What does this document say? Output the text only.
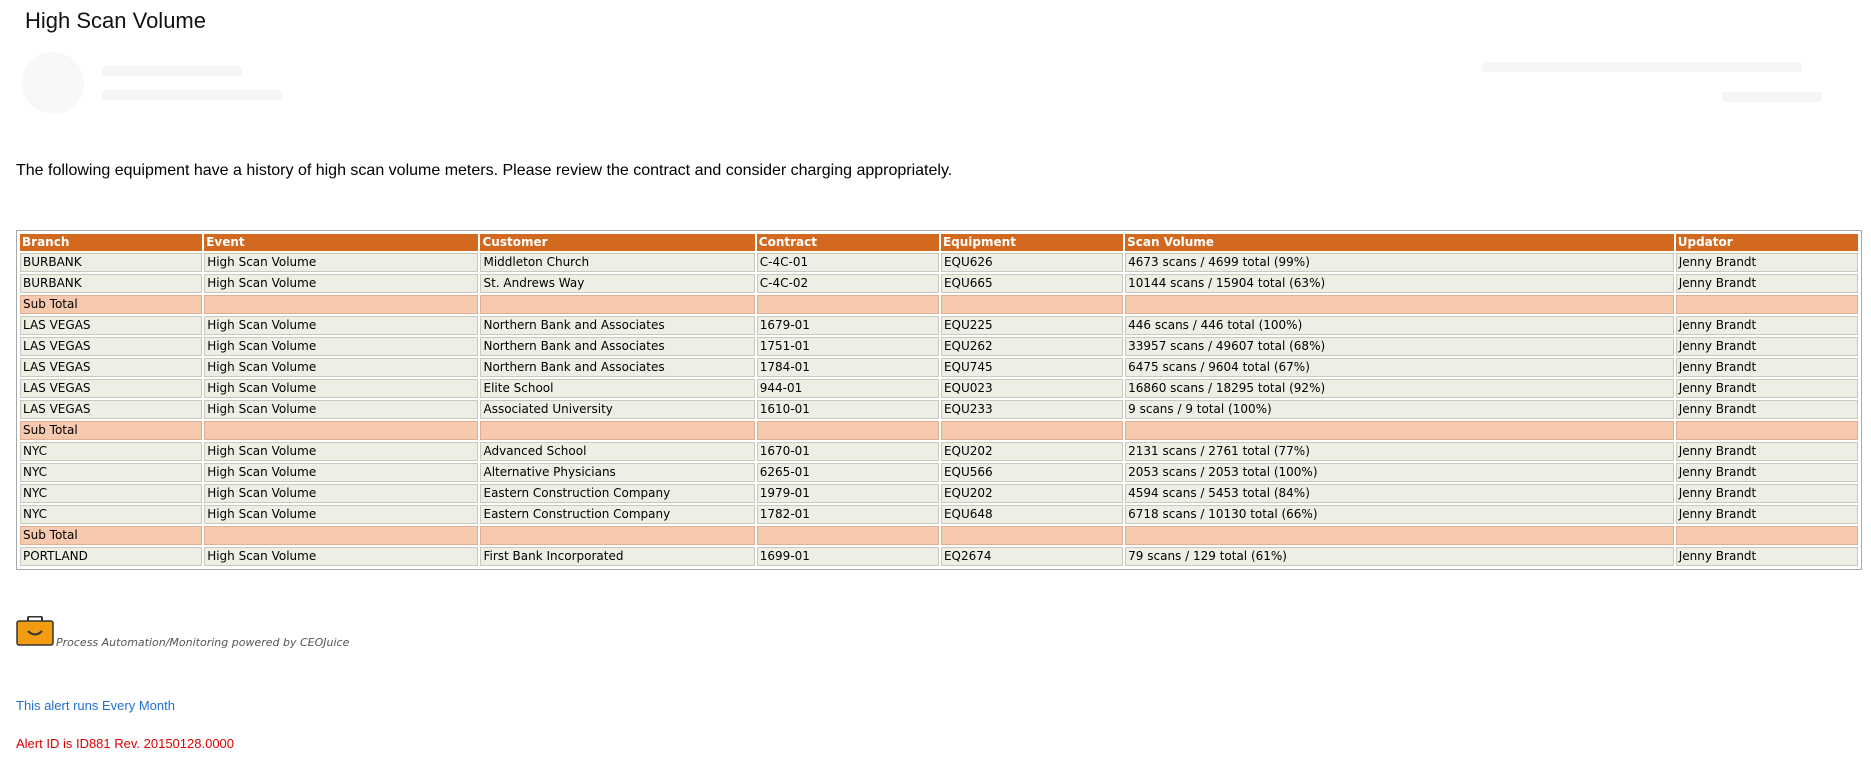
High Scan Volume
The following equipment have a history of high scan volume meters. Please review the contract and consider charging appropriately.
Branch	Event	Customer	Contract	Equipment	Scan Volume	Updator
BURBANK	High Scan Volume	Middleton Church	C-4C-01	EQU626	4673 scans / 4699 total (99%)	Jenny Brandt
BURBANK	High Scan Volume	St. Andrews Way	C-4C-02	EQU665	10144 scans / 15904 total (63%)	Jenny Brandt
Sub Total						
LAS VEGAS	High Scan Volume	Northern Bank and Associates	1679-01	EQU225	446 scans / 446 total (100%)	Jenny Brandt
LAS VEGAS	High Scan Volume	Northern Bank and Associates	1751-01	EQU262	33957 scans / 49607 total (68%)	Jenny Brandt
LAS VEGAS	High Scan Volume	Northern Bank and Associates	1784-01	EQU745	6475 scans / 9604 total (67%)	Jenny Brandt
LAS VEGAS	High Scan Volume	Elite School	944-01	EQU023	16860 scans / 18295 total (92%)	Jenny Brandt
LAS VEGAS	High Scan Volume	Associated University	1610-01	EQU233	9 scans / 9 total (100%)	Jenny Brandt
Sub Total						
NYC	High Scan Volume	Advanced School	1670-01	EQU202	2131 scans / 2761 total (77%)	Jenny Brandt
NYC	High Scan Volume	Alternative Physicians	6265-01	EQU566	2053 scans / 2053 total (100%)	Jenny Brandt
NYC	High Scan Volume	Eastern Construction Company	1979-01	EQU202	4594 scans / 5453 total (84%)	Jenny Brandt
NYC	High Scan Volume	Eastern Construction Company	1782-01	EQU648	6718 scans / 10130 total (66%)	Jenny Brandt
Sub Total						
PORTLAND	High Scan Volume	First Bank Incorporated	1699-01	EQ2674	79 scans / 129 total (61%)	Jenny Brandt
Process Automation/Monitoring powered by CEOJuice
This alert runs Every Month
Alert ID is ID881 Rev. 20150128.0000
